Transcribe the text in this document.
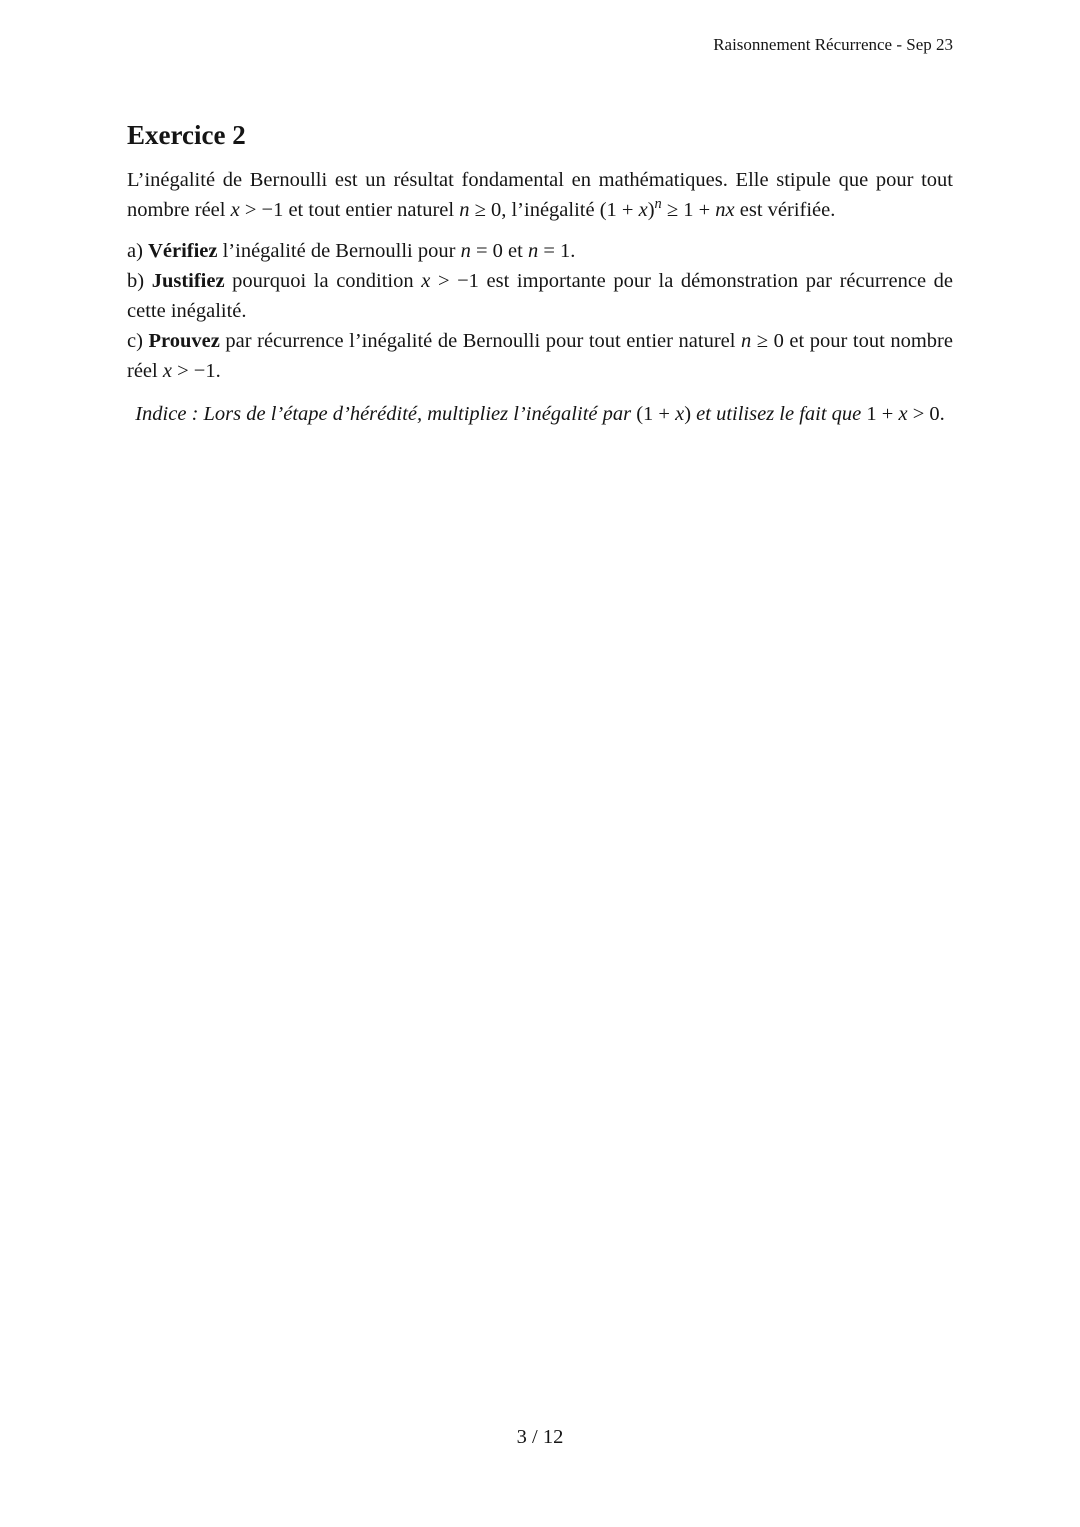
Raisonnement Récurrence - Sep 23
Exercice 2

L’inégalité de Bernoulli est un résultat fondamental en mathématiques. Elle stipule que pour tout nombre réel x > −1 et tout entier naturel n ≥ 0, l’inégalité $(1 + x)^n \ge 1$ + nx est vérifiée.

a) Vérifiez l’inégalité de Bernoulli pour n = 0 et n = 1.

b) Justifiez pourquoi la condition x > −1 est importante pour la démonstration par récurrence de cette inégalité.

c) Prouvez par récurrence l’inégalité de Bernoulli pour tout entier naturel n ≥ 0 et pour tout nombre réel x > −1.

Indice : Lors de l’étape d’hérédité, multipliez l’inégalité par (1 + x) et utilisez le fait que 1 + x > 0.

3 / 12
